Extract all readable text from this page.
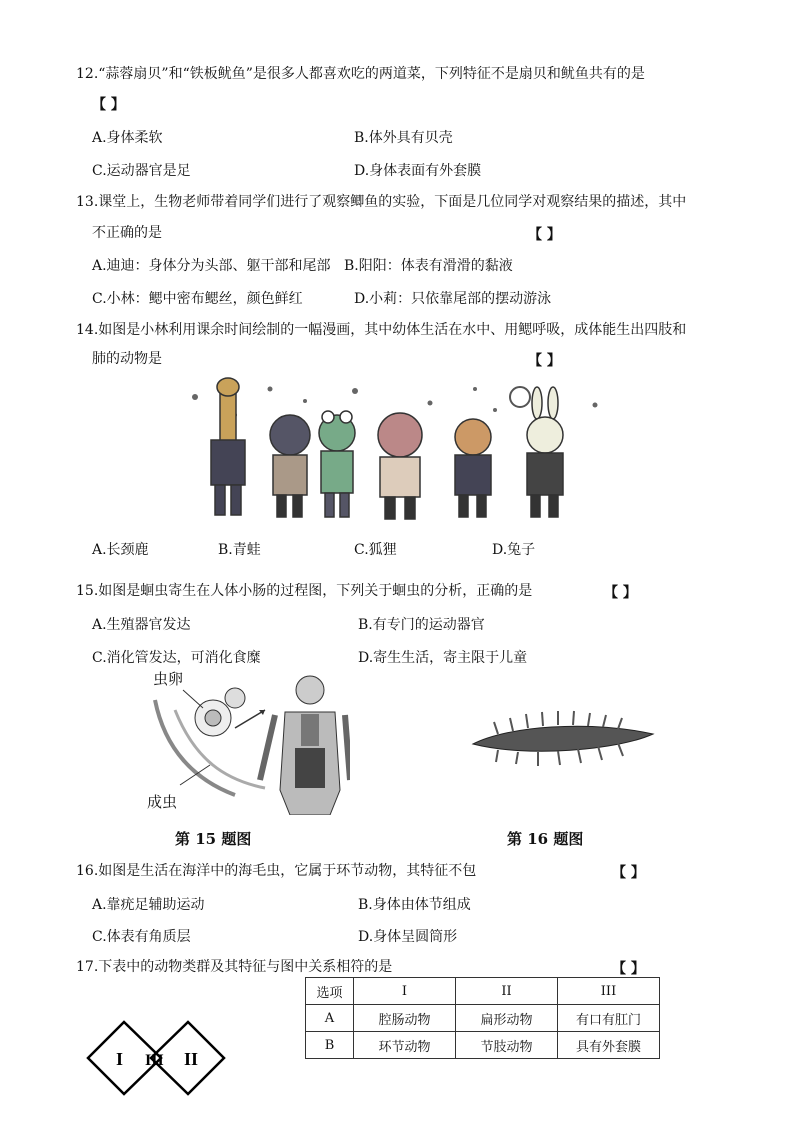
12.“蒜蓉扇贝”和“铁板鱿鱼”是很多人都喜欢吃的两道菜，下列特征不是扇贝和鱿鱼共有的是
【 】
A.身体柔软	B.体外具有贝壳
C.运动器官是足	D.身体表面有外套膜
13.课堂上，生物老师带着同学们进行了观察鲫鱼的实验，下面是几位同学对观察结果的描述，其中
不正确的是	【 】
A.迪迪：身体分为头部、躯干部和尾部 B.阳阳：体表有滑滑的黏液
C.小林：鳃中密布鳃丝，颜色鲜红	D.小莉：只依靠尾部的摆动游泳
14.如图是小林利用课余时间绘制的一幅漫画，其中幼体生活在水中、用鳃呼吸，成体能生出四肢和
肺的动物是	【 】
A.长颈鹿	B.青蛙	C.狐狸	D.兔子
15.如图是蛔虫寄生在人体小肠的过程图，下列关于蛔虫的分析，正确的是	【 】
A.生殖器官发达	B.有专门的运动器官
C.消化管发达，可消化食糜	D.寄生生活，寄主限于儿童
虫卵
成虫
第 15 题图	第 16 题图
16.如图是生活在海洋中的海毛虫，它属于环节动物，其特征不包	【 】
A.靠疣足辅助运动	B.身体由体节组成
C.体表有角质层	D.身体呈圆筒形
17.下表中的动物类群及其特征与图中关系相符的是	【 】
选项	I	II	III
A	腔肠动物	扁形动物	有口有肛门
B	环节动物	节肢动物	具有外套膜
I III II
